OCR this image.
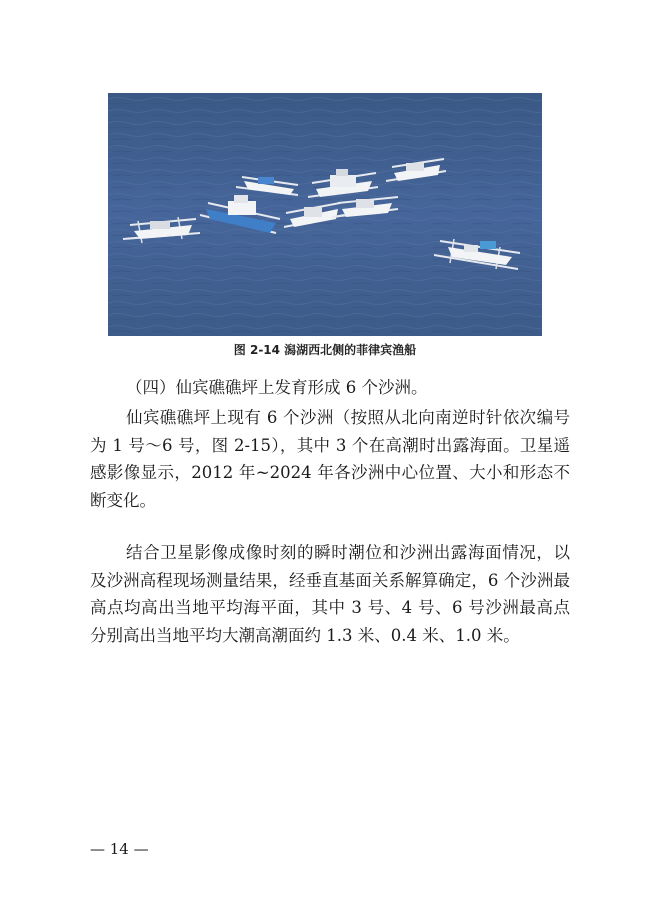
图 2-14 潟湖西北侧的菲律宾渔船
（四）仙宾礁礁坪上发育形成 6 个沙洲。

仙宾礁礁坪上现有 6 个沙洲（按照从北向南逆时针依次编号为 1 号～6 号，图 2-15），其中 3 个在高潮时出露海面。卫星遥感影像显示，2012 年~2024 年各沙洲中心位置、大小和形态不断变化。

结合卫星影像成像时刻的瞬时潮位和沙洲出露海面情况，以及沙洲高程现场测量结果，经垂直基面关系解算确定，6 个沙洲最高点均高出当地平均海平面，其中 3 号、4 号、6 号沙洲最高点分别高出当地平均大潮高潮面约 1.3 米、0.4 米、1.0 米。

— 14 —
